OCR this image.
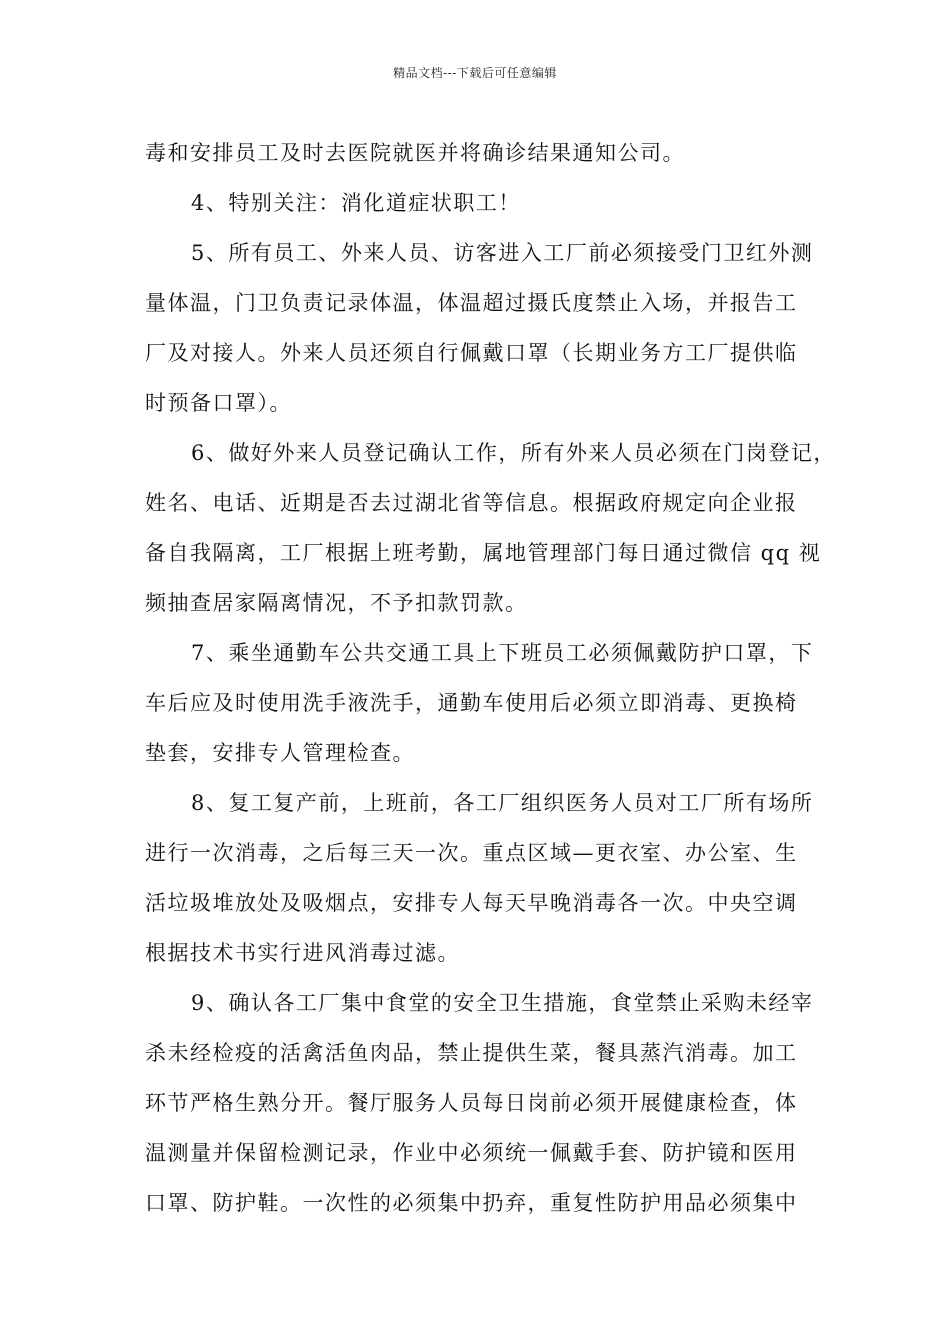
精品文档---下载后可任意编辑
毒和安排员工及时去医院就医并将确诊结果通知公司。
4、特别关注：消化道症状职工！
5、所有员工、外来人员、访客进入工厂前必须接受门卫红外测
量体温，门卫负责记录体温，体温超过摄氏度禁止入场，并报告工
厂及对接人。外来人员还须自行佩戴口罩（长期业务方工厂提供临
时预备口罩）。
6、做好外来人员登记确认工作，所有外来人员必须在门岗登记，
姓名、电话、近期是否去过湖北省等信息。根据政府规定向企业报
备自我隔离，工厂根据上班考勤，属地管理部门每日通过微信 qq 视
频抽查居家隔离情况，不予扣款罚款。
7、乘坐通勤车公共交通工具上下班员工必须佩戴防护口罩，下
车后应及时使用洗手液洗手，通勤车使用后必须立即消毒、更换椅
垫套，安排专人管理检查。
8、复工复产前，上班前，各工厂组织医务人员对工厂所有场所
进行一次消毒，之后每三天一次。重点区域—更衣室、办公室、生
活垃圾堆放处及吸烟点，安排专人每天早晚消毒各一次。中央空调
根据技术书实行进风消毒过滤。
9、确认各工厂集中食堂的安全卫生措施，食堂禁止采购未经宰
杀未经检疫的活禽活鱼肉品，禁止提供生菜，餐具蒸汽消毒。加工
环节严格生熟分开。餐厅服务人员每日岗前必须开展健康检查，体
温测量并保留检测记录，作业中必须统一佩戴手套、防护镜和医用
口罩、防护鞋。一次性的必须集中扔弃，重复性防护用品必须集中
